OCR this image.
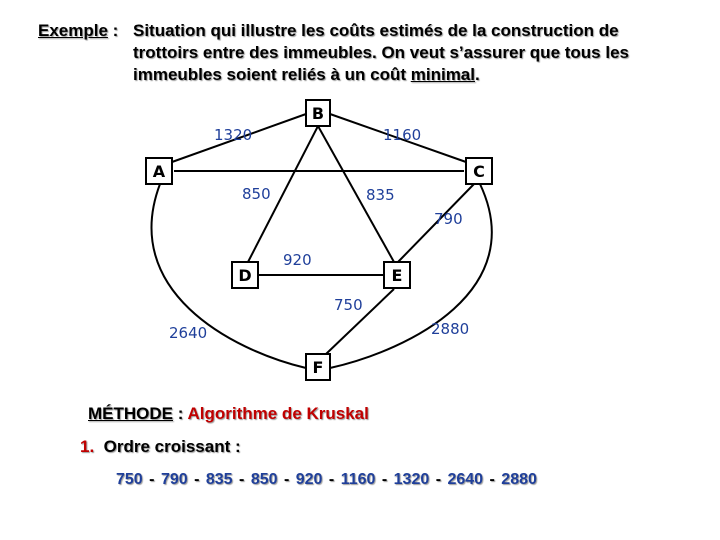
Exemple : Situation qui illustre les coûts estimés de la construction de
trottoirs entre des immeubles. On veut s’assurer que tous les
immeubles soient reliés à un coût minimal.
B
A	C
D	E
F
1320	1160
850	835
790
920
750
2640	2880
MÉTHODE : Algorithme de Kruskal
1. Ordre croissant :
750 - 790 - 835 - 850 - 920 - 1160 - 1320 - 2640 - 2880
